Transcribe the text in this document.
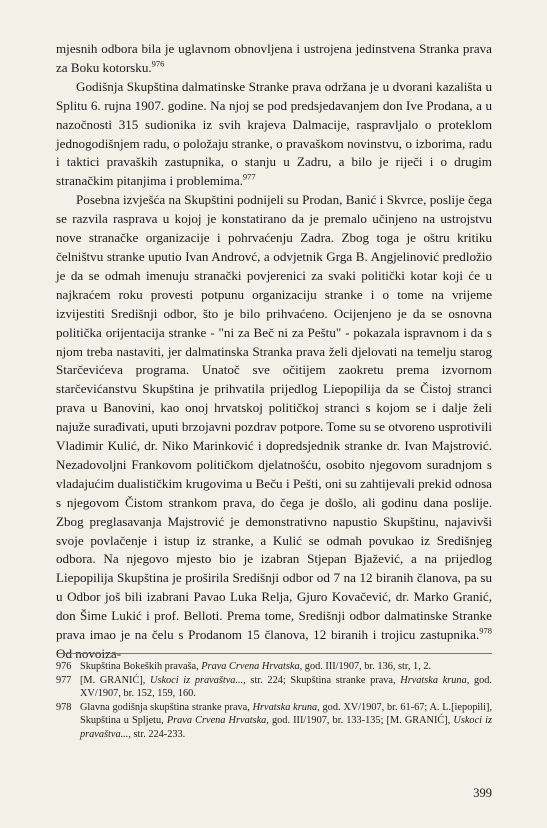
mjesnih odbora bila je uglavnom obnovljena i ustrojena jedinstvena Stranka prava za Boku kotorsku.$^{976}$

Godišnja Skupština dalmatinske Stranke prava održana je u dvorani kazališta u Splitu 6. rujna 1907. godine. Na njoj se pod predsjedavanjem don Ive Prodana, a u nazočnosti 315 sudionika iz svih krajeva Dalmacije, raspravljalo o proteklom jednogodišnjem radu, o položaju stranke, o pravaškom novinstvu, o izborima, radu i taktici pravaških zastupnika, o stanju u Zadru, a bilo je riječi i o drugim stranačkim pitanjima i problemima.$^{977}$

Posebna izvješća na Skupštini podnijeli su Prodan, Banić i Skvrce, poslije čega se razvila rasprava u kojoj je konstatirano da je premalo učinjeno na ustrojstvu nove stranačke organizacije i pohrvaćenju Zadra. Zbog toga je oštru kritiku čelništvu stranke uputio Ivan Androvć, a odvjetnik Grga B. Angjelinović predložio je da se odmah imenuju stranački povjerenici za svaki politički kotar koji će u najkraćem roku provesti potpunu organizaciju stranke i o tome na vrijeme izvijestiti Središnji odbor, što je bilo prihvaćeno. Ocijenjeno je da se osnovna politička orijentacija stranke - "ni za Beč ni za Peštu" - pokazala ispravnom i da s njom treba nastaviti, jer dalmatinska Stranka prava želi djelovati na temelju starog Starčevićeva programa. Unatoč sve očitijem zaokretu prema izvornom starčevićanstvu Skupština je prihvatila prijedlog Liepopilija da se Čistoj stranci prava u Banovini, kao onoj hrvatskoj političkoj stranci s kojom se i dalje želi najuže surađivati, uputi brzojavni pozdrav potpore. Tome su se otvoreno usprotivili Vladimir Kulić, dr. Niko Marinković i dopredsjednik stranke dr. Ivan Majstrović. Nezadovoljni Frankovom političkom djelatnošću, osobito njegovom suradnjom s vladajućim dualističkim krugovima u Beču i Pešti, oni su zahtijevali prekid odnosa s njegovom Čistom strankom prava, do čega je došlo, ali godinu dana poslije. Zbog preglasavanja Majstrović je demonstrativno napustio Skupštinu, najavivši svoje povlačenje i istup iz stranke, a Kulić se odmah povukao iz Središnjeg odbora. Na njegovo mjesto bio je izabran Stjepan Bjažević, a na prijedlog Liepopilija Skupština je proširila Središnji odbor od 7 na 12 biranih članova, pa su u Odbor još bili izabrani Pavao Luka Relja, Gjuro Kovačević, dr. Marko Granić, don Šime Lukić i prof. Belloti. Prema tome, Središnji odbor dalmatinske Stranke prava imao je na čelu s Prodanom 15 članova, 12 biranih i trojicu zastupnika.$^{978}$ Od novoiza-

976 Skupština Bokeških pravaša, Prava Crvena Hrvatska, god. III/1907, br. 136, str, 1, 2.
977 [M. GRANIĆ], Uskoci iz pravaštva..., str. 224; Skupština stranke prava, Hrvatska kruna, god. XV/1907, br. 152, 159, 160.
978 Glavna godišnja skupština stranke prava, Hrvatska kruna, god. XV/1907, br. 61-67; A. L.[iepopili], Skupština u Spljetu, Prava Crvena Hrvatska, god. III/1907, br. 133-135; [M. GRANIĆ], Uskoci iz pravaštva..., str. 224-233.
399
